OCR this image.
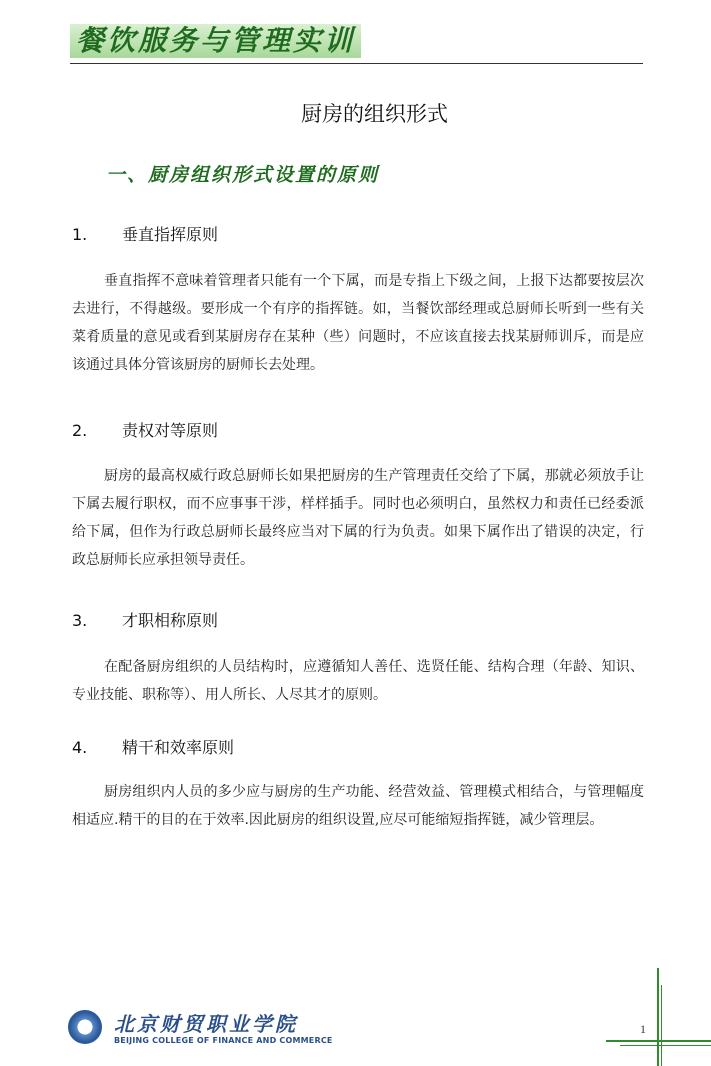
餐饮服务与管理实训
厨房的组织形式
一、厨房组织形式设置的原则
1. 垂直指挥原则
垂直指挥不意味着管理者只能有一个下属，而是专指上下级之间，上报下达都要按层次去进行，不得越级。要形成一个有序的指挥链。如，当餐饮部经理或总厨师长听到一些有关菜肴质量的意见或看到某厨房存在某种（些）问题时，不应该直接去找某厨师训斥，而是应该通过具体分管该厨房的厨师长去处理。
2. 责权对等原则
厨房的最高权威行政总厨师长如果把厨房的生产管理责任交给了下属，那就必须放手让下属去履行职权，而不应事事干涉，样样插手。同时也必须明白，虽然权力和责任已经委派给下属，但作为行政总厨师长最终应当对下属的行为负责。如果下属作出了错误的决定，行政总厨师长应承担领导责任。
3. 才职相称原则
在配备厨房组织的人员结构时，应遵循知人善任、选贤任能、结构合理（年龄、知识、专业技能、职称等）、用人所长、人尽其才的原则。
4. 精干和效率原则
厨房组织内人员的多少应与厨房的生产功能、经营效益、管理模式相结合，与管理幅度相适应.精干的目的在于效率.因此厨房的组织设置,应尽可能缩短指挥链，减少管理层。
北京财贸职业学院
BEIJING COLLEGE OF FINANCE AND COMMERCE
1
